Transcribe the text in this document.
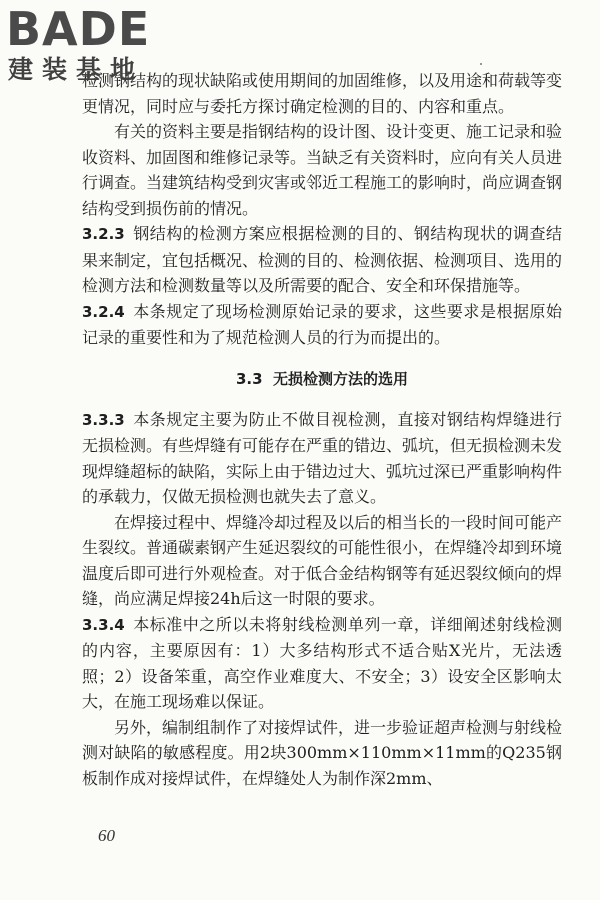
BADE
建装基地

检测钢结构的现状缺陷或使用期间的加固维修，以及用途和荷载等变更情况，同时应与委托方探讨确定检测的目的、内容和重点。

有关的资料主要是指钢结构的设计图、设计变更、施工记录和验收资料、加固图和维修记录等。当缺乏有关资料时，应向有关人员进行调查。当建筑结构受到灾害或邻近工程施工的影响时，尚应调查钢结构受到损伤前的情况。

3.2.3 钢结构的检测方案应根据检测的目的、钢结构现状的调查结果来制定，宜包括概况、检测的目的、检测依据、检测项目、选用的检测方法和检测数量等以及所需要的配合、安全和环保措施等。

3.2.4 本条规定了现场检测原始记录的要求，这些要求是根据原始记录的重要性和为了规范检测人员的行为而提出的。

3.3 无损检测方法的选用

3.3.3 本条规定主要为防止不做目视检测，直接对钢结构焊缝进行无损检测。有些焊缝有可能存在严重的错边、弧坑，但无损检测未发现焊缝超标的缺陷，实际上由于错边过大、弧坑过深已严重影响构件的承载力，仅做无损检测也就失去了意义。

在焊接过程中、焊缝冷却过程及以后的相当长的一段时间可能产生裂纹。普通碳素钢产生延迟裂纹的可能性很小，在焊缝冷却到环境温度后即可进行外观检查。对于低合金结构钢等有延迟裂纹倾向的焊缝，尚应满足焊接24h后这一时限的要求。

3.3.4 本标准中之所以未将射线检测单列一章，详细阐述射线检测的内容，主要原因有：1）大多结构形式不适合贴X光片，无法透照；2）设备笨重，高空作业难度大、不安全；3）设安全区影响太大，在施工现场难以保证。

另外，编制组制作了对接焊试件，进一步验证超声检测与射线检测对缺陷的敏感程度。用2块300mm×110mm×11mm的Q235钢板制作成对接焊试件，在焊缝处人为制作深2mm、

60
